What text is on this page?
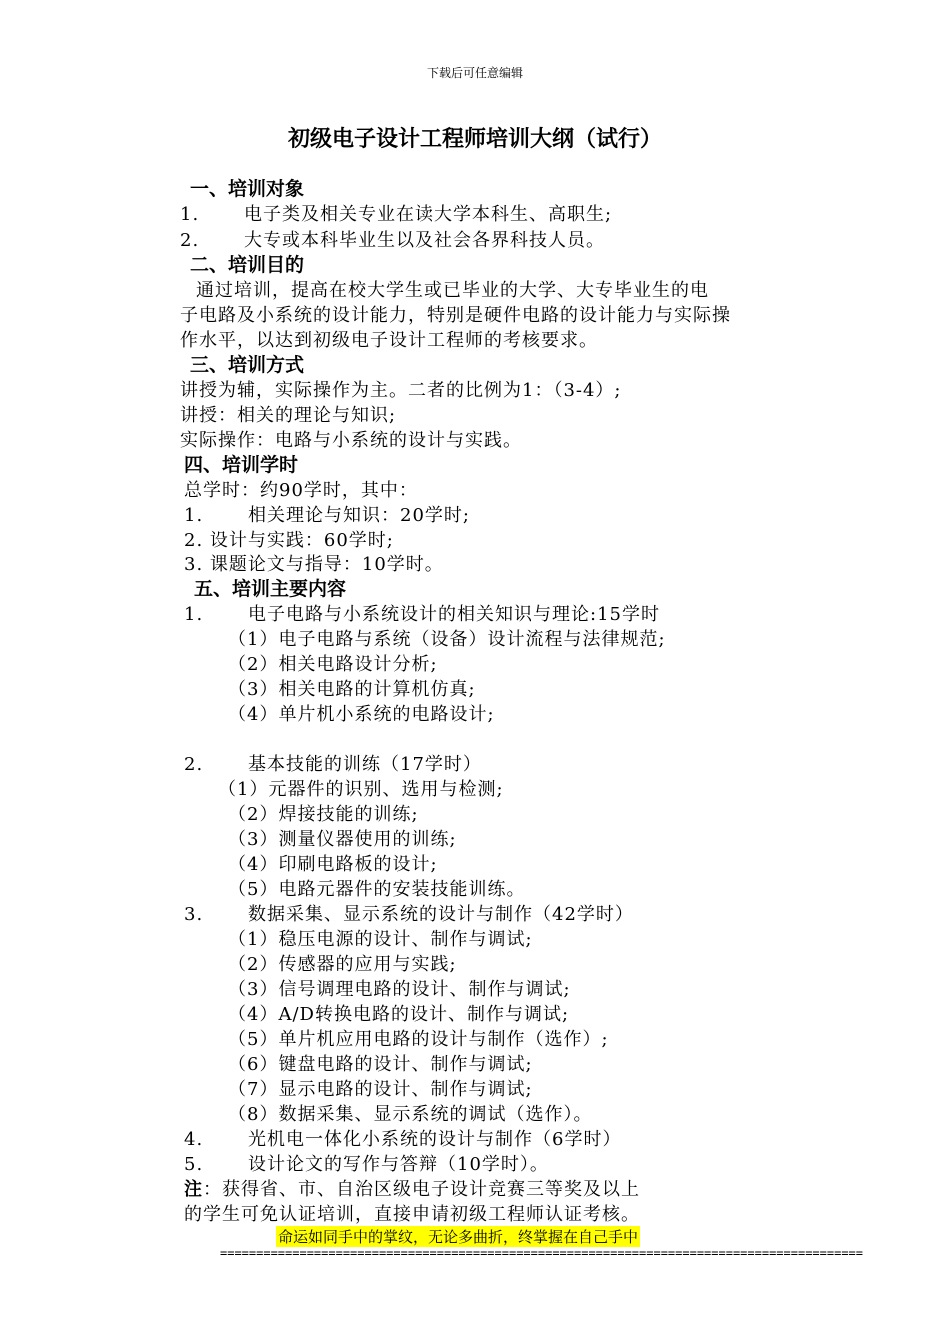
下载后可任意编辑
初级电子设计工程师培训大纲（试行）
一、培训对象
1. 电子类及相关专业在读大学本科生、高职生;
2. 大专或本科毕业生以及社会各界科技人员。
二、培训目的
通过培训，提高在校大学生或已毕业的大学、大专毕业生的电
子电路及小系统的设计能力，特别是硬件电路的设计能力与实际操
作水平，以达到初级电子设计工程师的考核要求。
三、培训方式
讲授为辅，实际操作为主。二者的比例为1：（3-4）;
讲授：相关的理论与知识;
实际操作：电路与小系统的设计与实践。
四、培训学时
总学时：约90学时，其中：
1. 相关理论与知识：20学时;
2. 设计与实践：60学时;
3. 课题论文与指导：10学时。
五、培训主要内容
1. 电子电路与小系统设计的相关知识与理论:15学时
（1）电子电路与系统（设备）设计流程与法律规范;
（2）相关电路设计分析;
（3）相关电路的计算机仿真;
（4）单片机小系统的电路设计;
2. 基本技能的训练（17学时）
（1）元器件的识别、选用与检测;
（2）焊接技能的训练;
（3）测量仪器使用的训练;
（4）印刷电路板的设计;
（5）电路元器件的安装技能训练。
3. 数据采集、显示系统的设计与制作（42学时）
（1）稳压电源的设计、制作与调试;
（2）传感器的应用与实践;
（3）信号调理电路的设计、制作与调试;
（4）A/D转换电路的设计、制作与调试;
（5）单片机应用电路的设计与制作（选作）;
（6）键盘电路的设计、制作与调试;
（7）显示电路的设计、制作与调试;
（8）数据采集、显示系统的调试（选作）。
4. 光机电一体化小系统的设计与制作（6学时）
5. 设计论文的写作与答辩（10学时）。
注：获得省、市、自治区级电子设计竞赛三等奖及以上
的学生可免认证培训，直接申请初级工程师认证考核。
命运如同手中的掌纹，无论多曲折，终掌握在自己手中
=========================================================================================
